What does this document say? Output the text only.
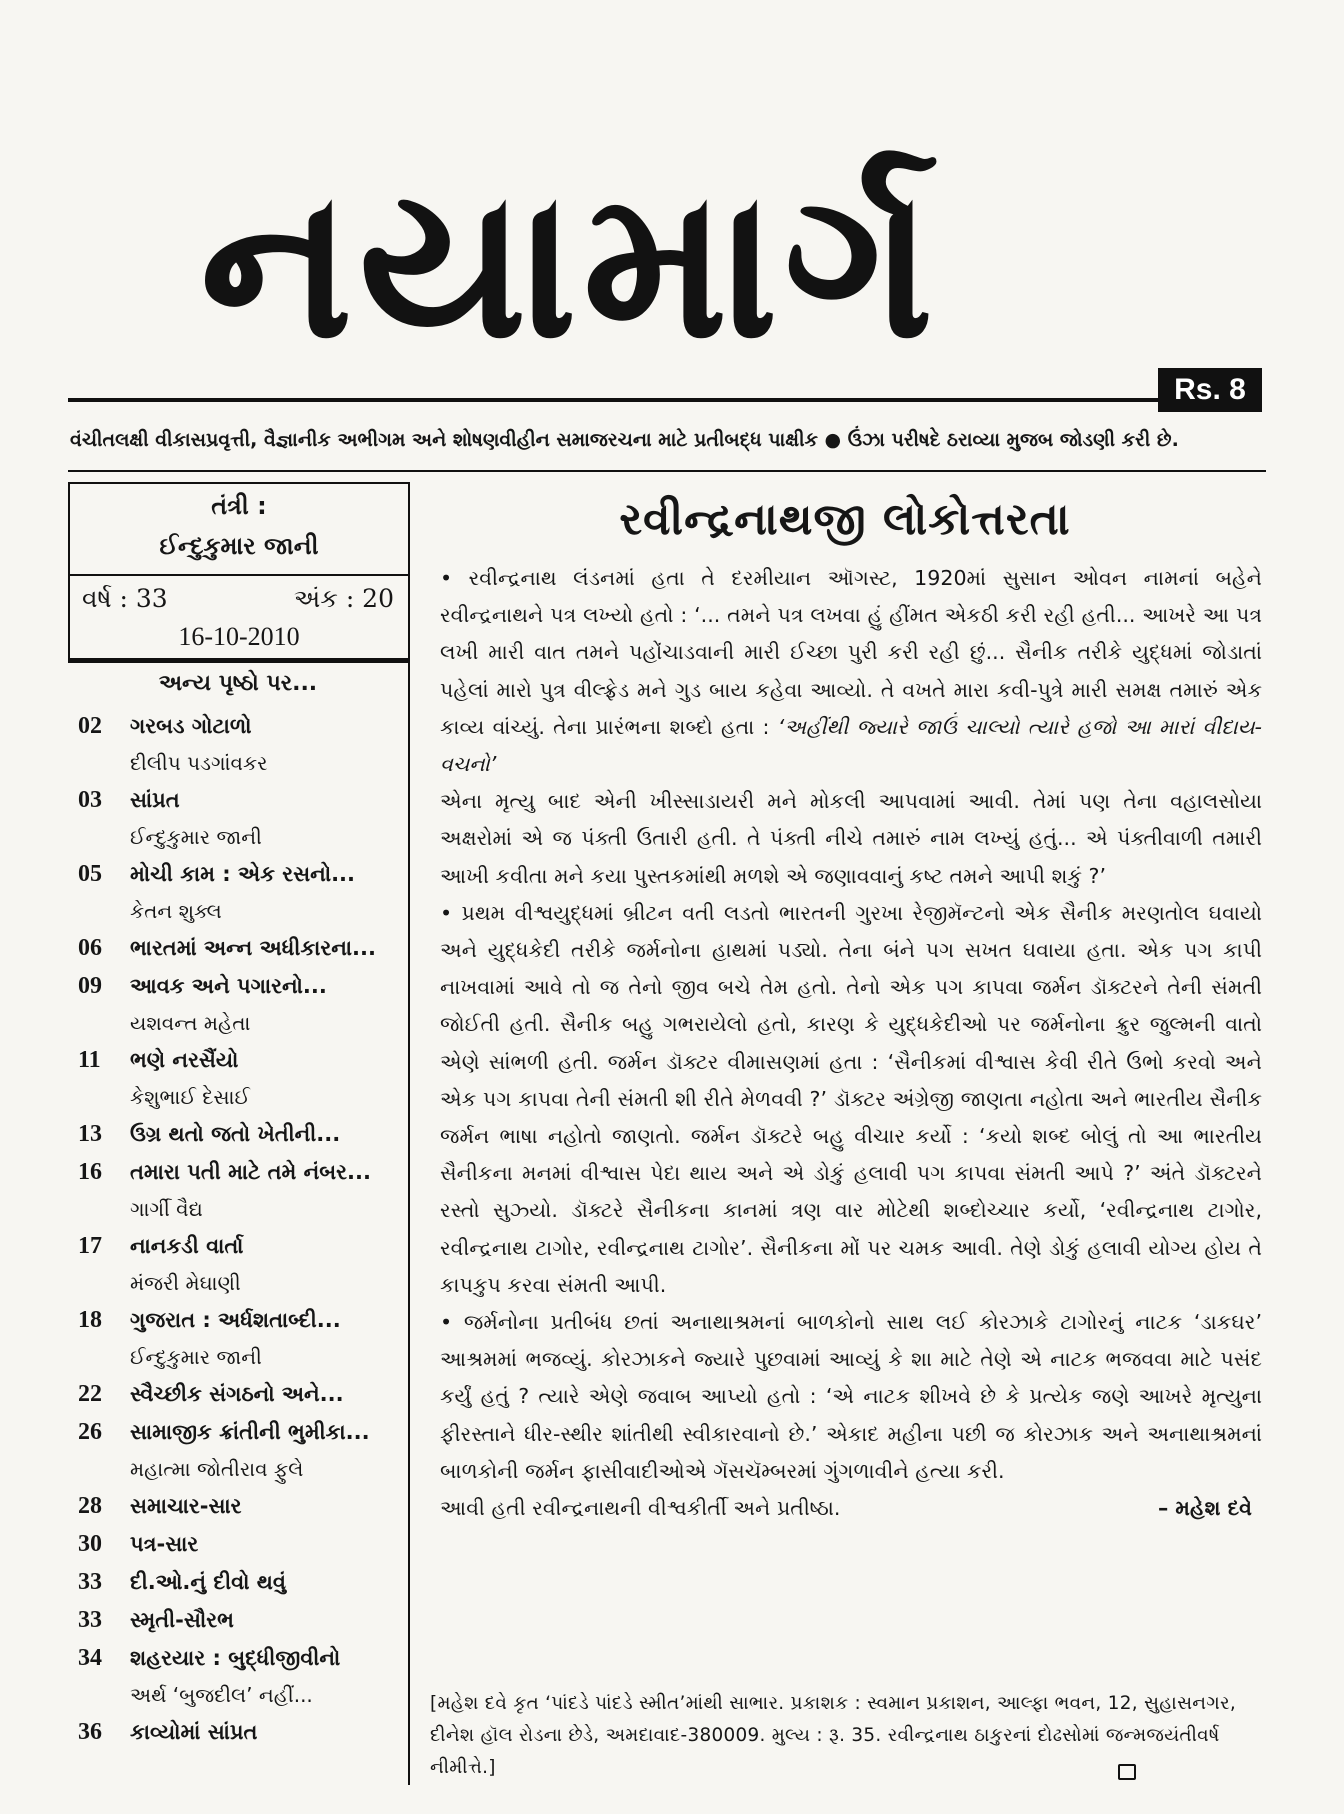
નયામાર્ગ
Rs. 8
વંચીતલક્ષી વીકાસપ્રવૃત્તી, વૈજ્ઞાનીક અભીગમ અને શોષણવીહીન સમાજરચના માટે પ્રતીબદ્ધ પાક્ષીક ● ઉંઝા પરીષદે ઠરાવ્યા મુજબ જોડણી કરી છે.
તંત્રી :
ઈન્દુકુમાર જાની
વર્ષ : 33	અંક : 20
16-10-2010
અન્ય પૃષ્ઠો પર...
02	ગરબડ ગોટાળો
દીલીપ પડગાંવકર
03	સાંપ્રત
ઈન્દુકુમાર જાની
05	મોચી કામ : એક રસનો...
કેતન શુક્લ
06	ભારતમાં અન્ન અધીકારના...
09	આવક અને પગારનો...
યશવન્ત મહેતા
11	ભણે નરસૈંયો
કેશુભાઈ દેસાઈ
13	ઉગ્ર થતો જતો ખેતીની...
16	તમારા પતી માટે તમે નંબર...
ગાર્ગી વૈદ્ય
17	નાનકડી વાર્તા
મંજરી મેઘાણી
18	ગુજરાત : અર્ધશતાબ્દી...
ઈન્દુકુમાર જાની
22	સ્વૈચ્છીક સંગઠનો અને...
26	સામાજીક ક્રાંતીની ભુમીકા...
મહાત્મા જોતીરાવ ફુલે
28	સમાચાર-સાર
30	પત્ર-સાર
33	દી.ઓ.નું દીવો થવું
33	સ્મૃતી-સૌરભ
34	શહરયાર : બુદ્ધીજીવીનો
અર્થ ‘બુજદીલ’ નહીં...
36	કાવ્યોમાં સાંપ્રત
રવીન્દ્રનાથજી લોકોત્તરતા

• રવીન્દ્રનાથ લંડનમાં હતા તે દરમીયાન ઑગસ્ટ, 1920માં સુસાન ઓવન નામનાં બહેને રવીન્દ્રનાથને પત્ર લખ્યો હતો : ‘... તમને પત્ર લખવા હું હીંમત એકઠી કરી રહી હતી... આખરે આ પત્ર લખી મારી વાત તમને પહોંચાડવાની મારી ઈચ્છા પુરી કરી રહી છું... સૈનીક તરીકે યુદ્ધમાં જોડાતાં પહેલાં મારો પુત્ર વીલ્ફ્રેડ મને ગુડ બાય કહેવા આવ્યો. તે વખતે મારા કવી-પુત્રે મારી સમક્ષ તમારું એક કાવ્ય વાંચ્યું. તેના પ્રારંભના શબ્દો હતા : ‘અહીંથી જ્યારે જાઉં ચાલ્યો ત્યારે હજો આ મારાં વીદાય-વચનો’

એના મૃત્યુ બાદ એની ખીસ્સાડાયરી મને મોકલી આપવામાં આવી. તેમાં પણ તેના વહાલસોયા અક્ષરોમાં એ જ પંક્તી ઉતારી હતી. તે પંક્તી નીચે તમારું નામ લખ્યું હતું... એ પંક્તીવાળી તમારી આખી કવીતા મને કયા પુસ્તકમાંથી મળશે એ જણાવવાનું કષ્ટ તમને આપી શકું ?’

• પ્રથમ વીશ્વયુદ્ધમાં બ્રીટન વતી લડતો ભારતની ગુરખા રેજીમૅન્ટનો એક સૈનીક મરણતોલ ઘવાયો અને યુદ્ધકેદી તરીકે જર્મનોના હાથમાં પડ્યો. તેના બંને પગ સખત ઘવાયા હતા. એક પગ કાપી નાખવામાં આવે તો જ તેનો જીવ બચે તેમ હતો. તેનો એક પગ કાપવા જર્મન ડૉક્ટરને તેની સંમતી જોઈતી હતી. સૈનીક બહુ ગભરાયેલો હતો, કારણ કે યુદ્ધકેદીઓ પર જર્મનોના ક્રુર જુલ્મની વાતો એણે સાંભળી હતી. જર્મન ડૉક્ટર વીમાસણમાં હતા : ‘સૈનીકમાં વીશ્વાસ કેવી રીતે ઉભો કરવો અને એક પગ કાપવા તેની સંમતી શી રીતે મેળવવી ?’ ડૉક્ટર અંગ્રેજી જાણતા નહોતા અને ભારતીય સૈનીક જર્મન ભાષા નહોતો જાણતો. જર્મન ડૉક્ટરે બહુ વીચાર કર્યો : ‘કયો શબ્દ બોલું તો આ ભારતીય સૈનીકના મનમાં વીશ્વાસ પેદા થાય અને એ ડોકું હલાવી પગ કાપવા સંમતી આપે ?’ અંતે ડૉક્ટરને રસ્તો સુઝ્યો. ડૉક્ટરે સૈનીકના કાનમાં ત્રણ વાર મોટેથી શબ્દોચ્ચાર કર્યો, ‘રવીન્દ્રનાથ ટાગોર, રવીન્દ્રનાથ ટાગોર, રવીન્દ્રનાથ ટાગોર’. સૈનીકના મોં પર ચમક આવી. તેણે ડોકું હલાવી યોગ્ય હોય તે કાપકુપ કરવા સંમતી આપી.

• જર્મનોના પ્રતીબંધ છતાં અનાથાશ્રમનાં બાળકોનો સાથ લઈ કોરઝાકે ટાગોરનું નાટક ‘ડાકઘર’ આશ્રમમાં ભજવ્યું. કોરઝાકને જ્યારે પુછવામાં આવ્યું કે શા માટે તેણે એ નાટક ભજવવા માટે પસંદ કર્યું હતું ? ત્યારે એણે જવાબ આપ્યો હતો : ‘એ નાટક શીખવે છે કે પ્રત્યેક જણે આખરે મૃત્યુના ફીરસ્તાને ધીર-સ્થીર શાંતીથી સ્વીકારવાનો છે.’ એકાદ મહીના પછી જ કોરઝાક અને અનાથાશ્રમનાં બાળકોની જર્મન ફાસીવાદીઓએ ગૅસચૅમ્બરમાં ગુંગળાવીને હત્યા કરી.

આવી હતી રવીન્દ્રનાથની વીશ્વકીર્તી અને પ્રતીષ્ઠા.	– મહેશ દવે
[મહેશ દવે કૃત ‘પાંદડે પાંદડે સ્મીત’માંથી સાભાર. પ્રકાશક : સ્વમાન પ્રકાશન, આલ્ફા ભવન, 12, સુહાસનગર, દીનેશ હૉલ રોડના છેડે, અમદાવાદ-380009. મુલ્ય : રૂ. 35. રવીન્દ્રનાથ ઠાકુરનાં દોઢસોમાં જન્મજયંતીવર્ષ નીમીત્તે.]
